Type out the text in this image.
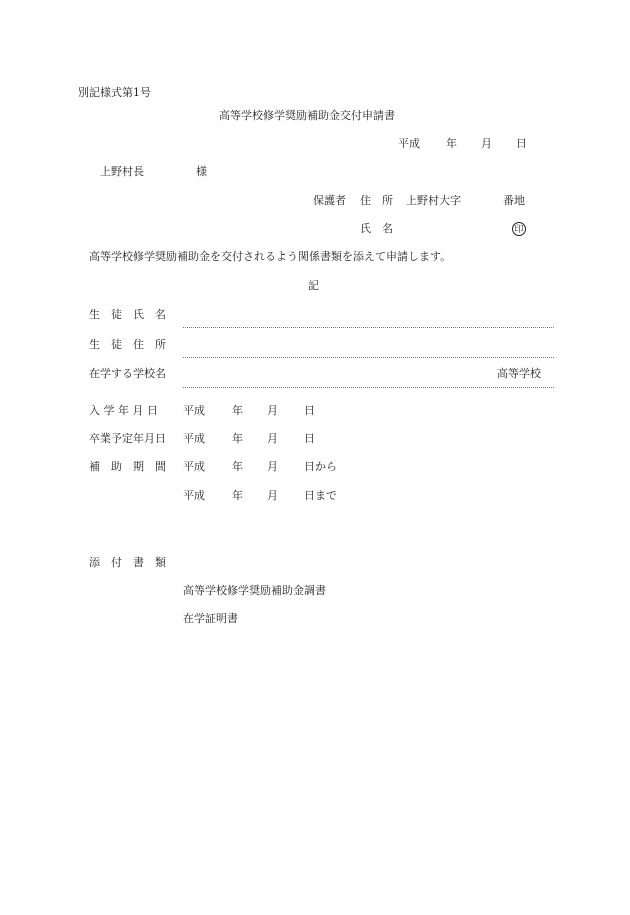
別記様式第1号
高等学校修学奨励補助金交付申請書
平成 年 月 日
上野村長	様
保護者 住　所 上野村大字	番地
氏　名	印
高等学校修学奨励補助金を交付されるよう関係書類を添えて申請します。
記
生　徒　氏　名
生　徒　住　所
在学する学校名	高等学校
入 学 年 月 日 平成 年 月 日
卒業予定年月日 平成 年 月 日
補　助　期　間 平成 年 月 日から
平成 年 月 日まで
添　付　書　類
高等学校修学奨励補助金調書
在学証明書
